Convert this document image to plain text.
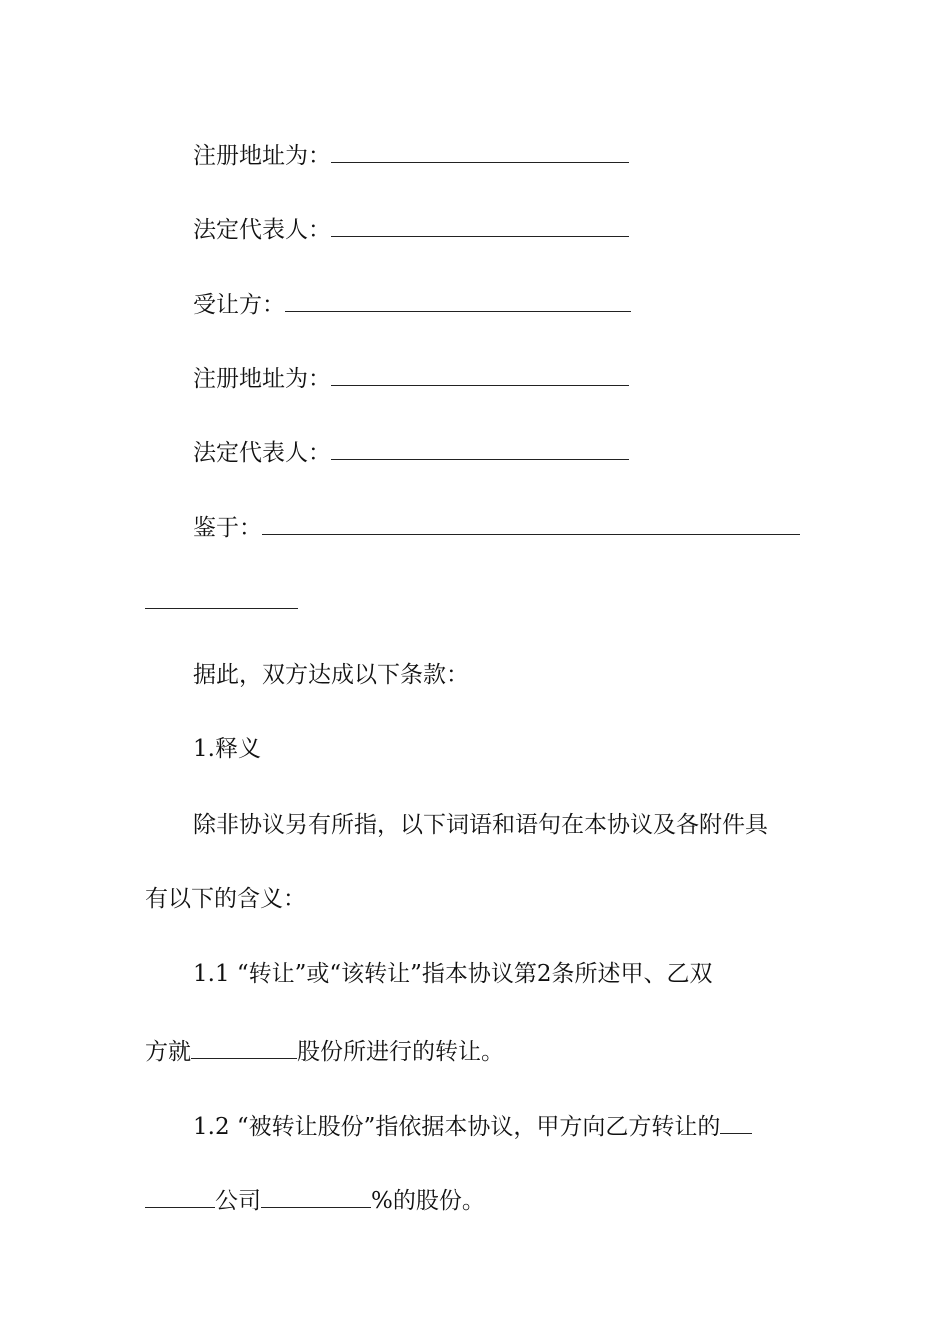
注册地址为：
法定代表人：
受让方：
注册地址为：
法定代表人：
鉴于：
据此，双方达成以下条款：
1.释义
除非协议另有所指，以下词语和语句在本协议及各附件具
有以下的含义：
1.1 “转让”或“该转让”指本协议第2条所述甲、乙双
方就	股份所进行的转让。
1.2 “被转让股份”指依据本协议，甲方向乙方转让的
公司	%的股份。
